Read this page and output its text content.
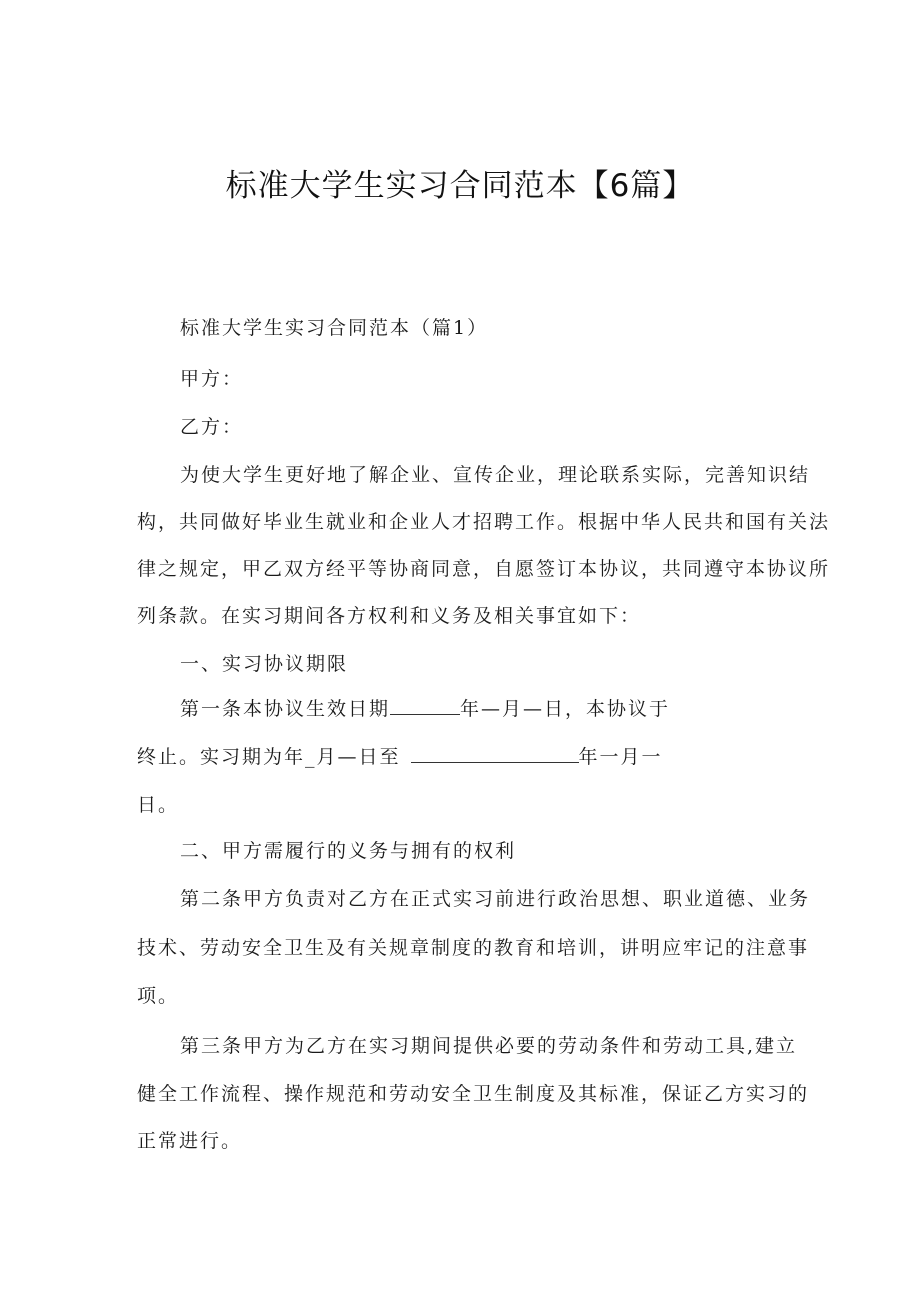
标准大学生实习合同范本【6篇】
标准大学生实习合同范本（篇1）
甲方：
乙方：
为使大学生更好地了解企业、宣传企业，理论联系实际，完善知识结
构，共同做好毕业生就业和企业人才招聘工作。根据中华人民共和国有关法
律之规定，甲乙双方经平等协商同意，自愿签订本协议，共同遵守本协议所
列条款。在实习期间各方权利和义务及相关事宜如下：
一、实习协议期限
第一条本协议生效日期	年—月—日，本协议于
终止。实习期为年_月—日至	年一月一
日。
二、甲方需履行的义务与拥有的权利
第二条甲方负责对乙方在正式实习前进行政治思想、职业道德、业务
技术、劳动安全卫生及有关规章制度的教育和培训，讲明应牢记的注意事
项。
第三条甲方为乙方在实习期间提供必要的劳动条件和劳动工具,建立
健全工作流程、操作规范和劳动安全卫生制度及其标准，保证乙方实习的
正常进行。
